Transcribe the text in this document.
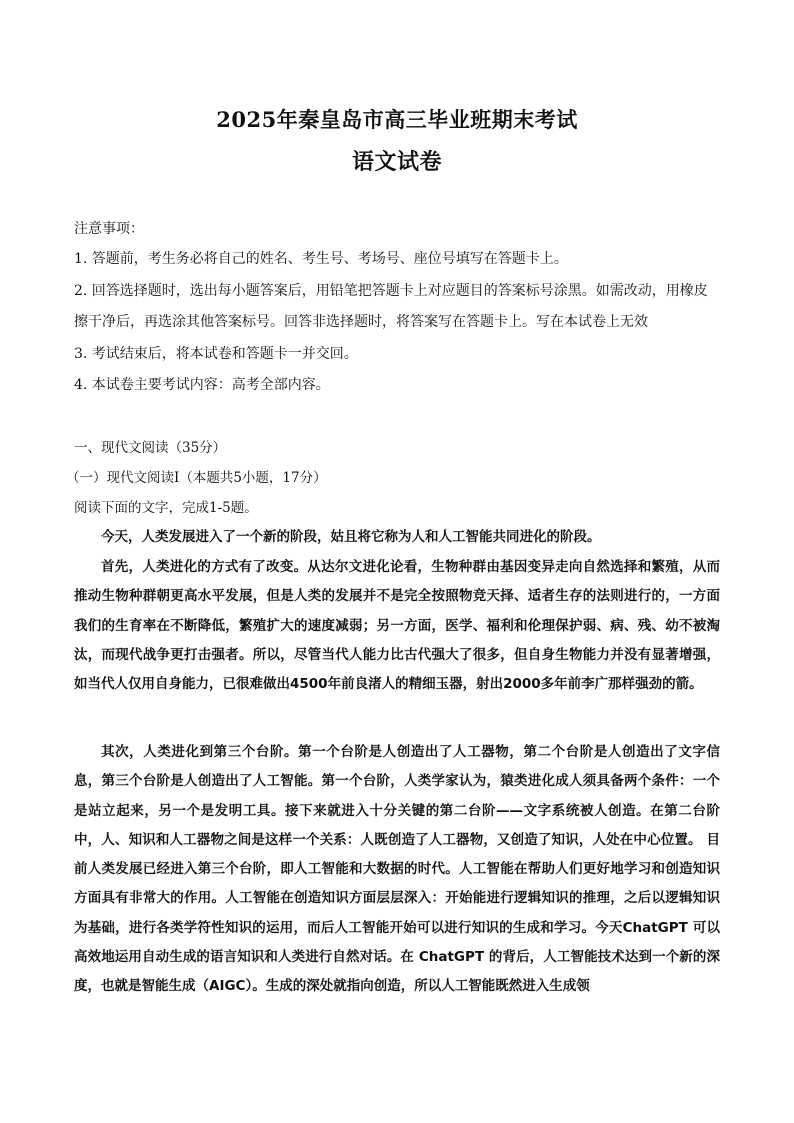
2025年秦皇岛市高三毕业班期末考试
语文试卷

注意事项：

1. 答题前，考生务必将自己的姓名、考生号、考场号、座位号填写在答题卡上。

2. 回答选择题时，选出每小题答案后，用铅笔把答题卡上对应题目的答案标号涂黑。如需改动，用橡皮

擦干净后，再选涂其他答案标号。回答非选择题时，将答案写在答题卡上。写在本试卷上无效

3. 考试结束后，将本试卷和答题卡一并交回。

4. 本试卷主要考试内容：高考全部内容。

一、现代文阅读（35分）

（一）现代文阅读Ⅰ（本题共5小题，17分）

阅读下面的文字，完成1-5题。

今天，人类发展进入了一个新的阶段，姑且将它称为人和人工智能共同进化的阶段。

首先，人类进化的方式有了改变。从达尔文进化论看，生物种群由基因变异走向自然选择和繁殖，从而推动生物种群朝更高水平发展，但是人类的发展并不是完全按照物竞天择、适者生存的法则进行的，一方面我们的生育率在不断降低，繁殖扩大的速度减弱；另一方面，医学、福利和伦理保护弱、病、残、幼不被淘汰，而现代战争更打击强者。所以，尽管当代人能力比古代强大了很多，但自身生物能力并没有显著增强，如当代人仅用自身能力，已很难做出4500年前良渚人的精细玉器，射出2000多年前李广那样强劲的箭。

其次，人类进化到第三个台阶。第一个台阶是人创造出了人工器物，第二个台阶是人创造出了文字信息，第三个台阶是人创造出了人工智能。第一个台阶，人类学家认为，猿类进化成人须具备两个条件：一个是站立起来，另一个是发明工具。接下来就进入十分关键的第二台阶——文字系统被人创造。在第二台阶中，人、知识和人工器物之间是这样一个关系：人既创造了人工器物，又创造了知识，人处在中心位置。 目前人类发展已经进入第三个台阶，即人工智能和大数据的时代。人工智能在帮助人们更好地学习和创造知识方面具有非常大的作用。人工智能在创造知识方面层层深入：开始能进行逻辑知识的推理，之后以逻辑知识为基础，进行各类学符性知识的运用，而后人工智能开始可以进行知识的生成和学习。今天ChatGPT 可以高效地运用自动生成的语言知识和人类进行自然对话。在 ChatGPT 的背后，人工智能技术达到一个新的深度，也就是智能生成（AIGC）。生成的深处就指向创造，所以人工智能既然进入生成领
